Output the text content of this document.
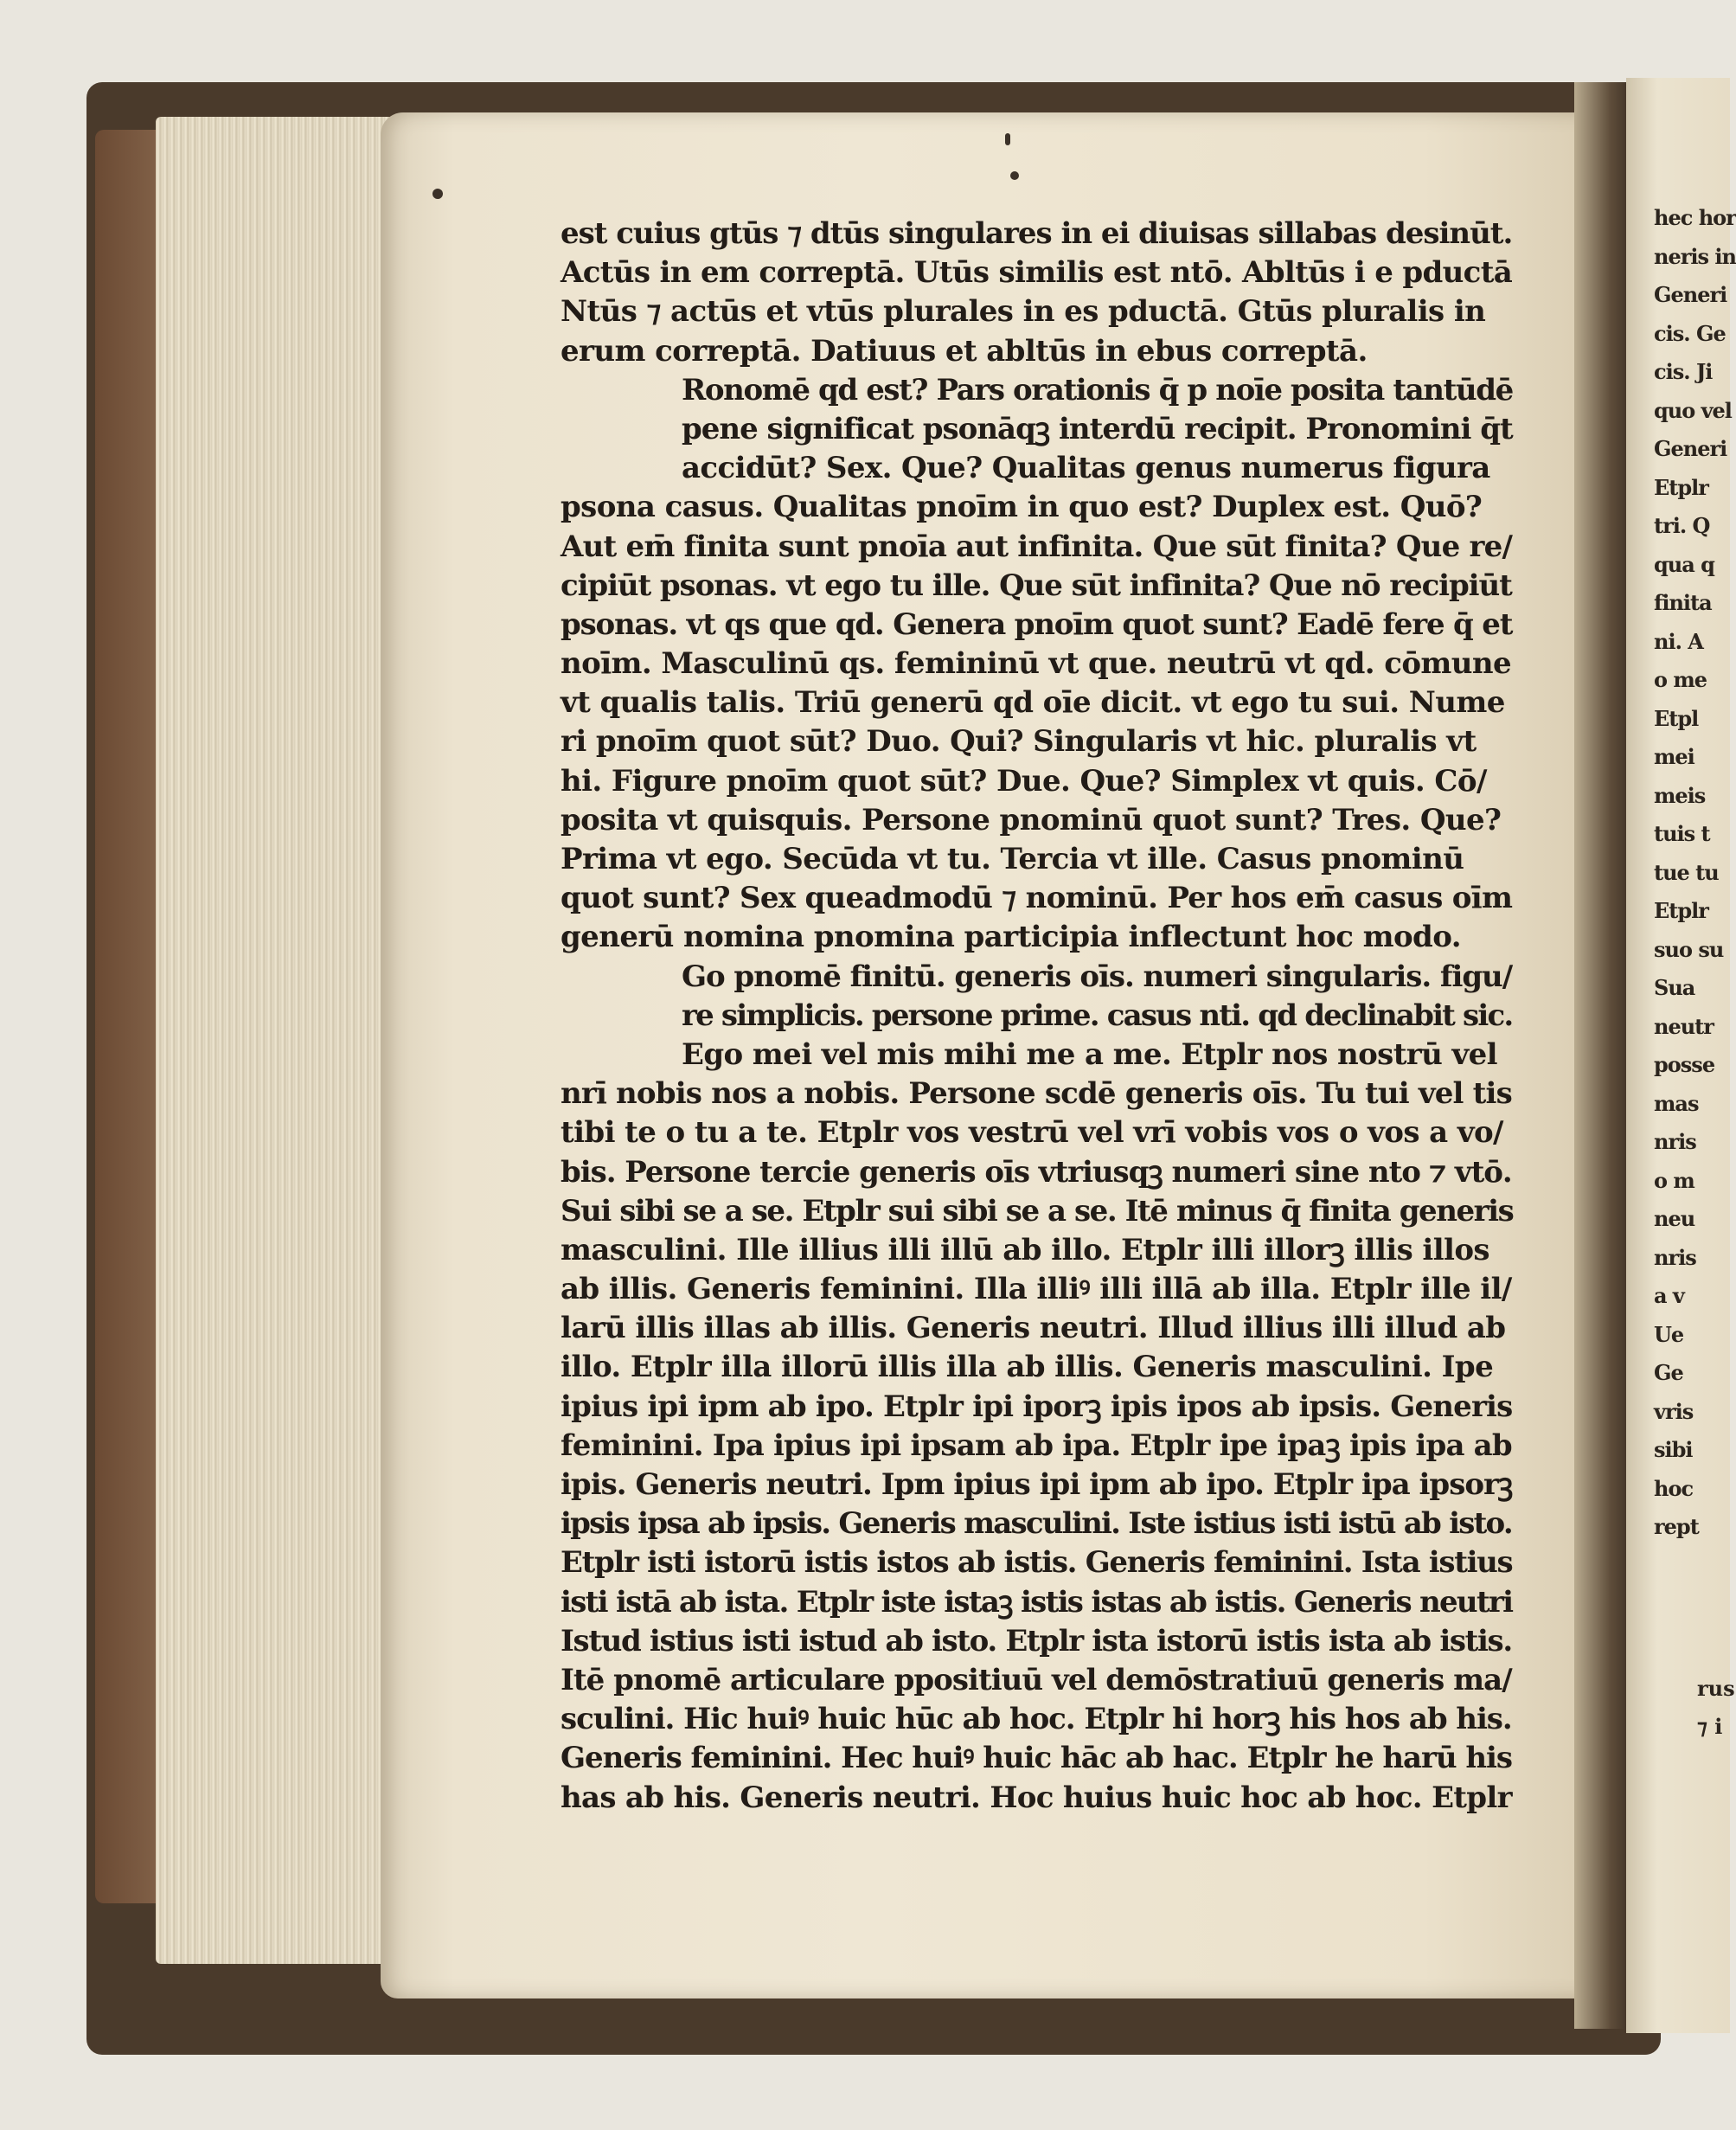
est cuius gtūs ⁊ dtūs singulares in ei diuisas sillabas desinūt.
Actūs in em correptā. Utūs similis est ntō. Abltūs i e pductā
Ntūs ⁊ actūs et vtūs plurales in es pductā. Gtūs pluralis in
erum correptā. Datiuus et abltūs in ebus correptā.
Ronomē qd est? Pars orationis q̄ p noīe posita tantūdē
pene significat psonāqꝫ interdū recipit. Pronomini q̄t
accidūt? Sex. Que? Qualitas genus numerus figura
psona casus. Qualitas pnoīm in quo est? Duplex est. Quō?
Aut em̄ finita sunt pnoīa aut infinita. Que sūt finita? Que re/
cipiūt psonas. vt ego tu ille. Que sūt infinita? Que nō recipiūt
psonas. vt qs que qd. Genera pnoīm quot sunt? Eadē fere q̄ et
noīm. Masculinū qs. femininū vt que. neutrū vt qd. cōmune
vt qualis talis. Triū generū qd oīe dicit. vt ego tu sui. Nume
ri pnoīm quot sūt? Duo. Qui? Singularis vt hic. pluralis vt
hi. Figure pnoīm quot sūt? Due. Que? Simplex vt quis. Cō/
posita vt quisquis. Persone pnominū quot sunt? Tres. Que?
Prima vt ego. Secūda vt tu. Tercia vt ille. Casus pnominū
quot sunt? Sex queadmodū ⁊ nominū. Per hos em̄ casus oīm
generū nomina pnomina participia inflectunt hoc modo.
Go pnomē finitū. generis oīs. numeri singularis. figu/
re simplicis. persone prime. casus nti. qd declinabit sic.
Ego mei vel mis mihi me a me. Etplr nos nostrū vel
nrī nobis nos a nobis. Persone scdē generis oīs. Tu tui vel tis
tibi te o tu a te. Etplr vos vestrū vel vrī vobis vos o vos a vo/
bis. Persone tercie generis oīs vtriusqꝫ numeri sine nto ⁊ vtō.
Sui sibi se a se. Etplr sui sibi se a se. Itē minus q̄ finita generis
masculini. Ille illius illi illū ab illo. Etplr illi illorꝫ illis illos
ab illis. Generis feminini. Illa illiꝰ illi illā ab illa. Etplr ille il/
larū illis illas ab illis. Generis neutri. Illud illius illi illud ab
illo. Etplr illa illorū illis illa ab illis. Generis masculini. Ipe
ipius ipi ipm ab ipo. Etplr ipi iporꝫ ipis ipos ab ipsis. Generis
feminini. Ipa ipius ipi ipsam ab ipa. Etplr ipe ipaꝫ ipis ipa ab
ipis. Generis neutri. Ipm ipius ipi ipm ab ipo. Etplr ipa ipsorꝫ
ipsis ipsa ab ipsis. Generis masculini. Iste istius isti istū ab isto.
Etplr isti istorū istis istos ab istis. Generis feminini. Ista istius
isti istā ab ista. Etplr iste istaꝫ istis istas ab istis. Generis neutri
Istud istius isti istud ab isto. Etplr ista istorū istis ista ab istis.
Itē pnomē articulare ppositiuū vel demōstratiuū generis ma/
sculini. Hic huiꝰ huic hūc ab hoc. Etplr hi horꝫ his hos ab his.
Generis feminini. Hec huiꝰ huic hāc ab hac. Etplr he harū his
has ab his. Generis neutri. Hoc huius huic hoc ab hoc. Etplr
hec hor
neris in
Generi
cis. Ge
cis. Ji
quo vel
Generi
Etplr
tri. Q
qua q
finita
ni. A
o me
Etpl
mei
meis
tuis t
tue tu
Etplr
suo su
Sua
neutr
posse
mas
nris
o m
neu
nris
a v
Ue
Ge
vris
sibi
hoc
rept
rus
⁊ i
